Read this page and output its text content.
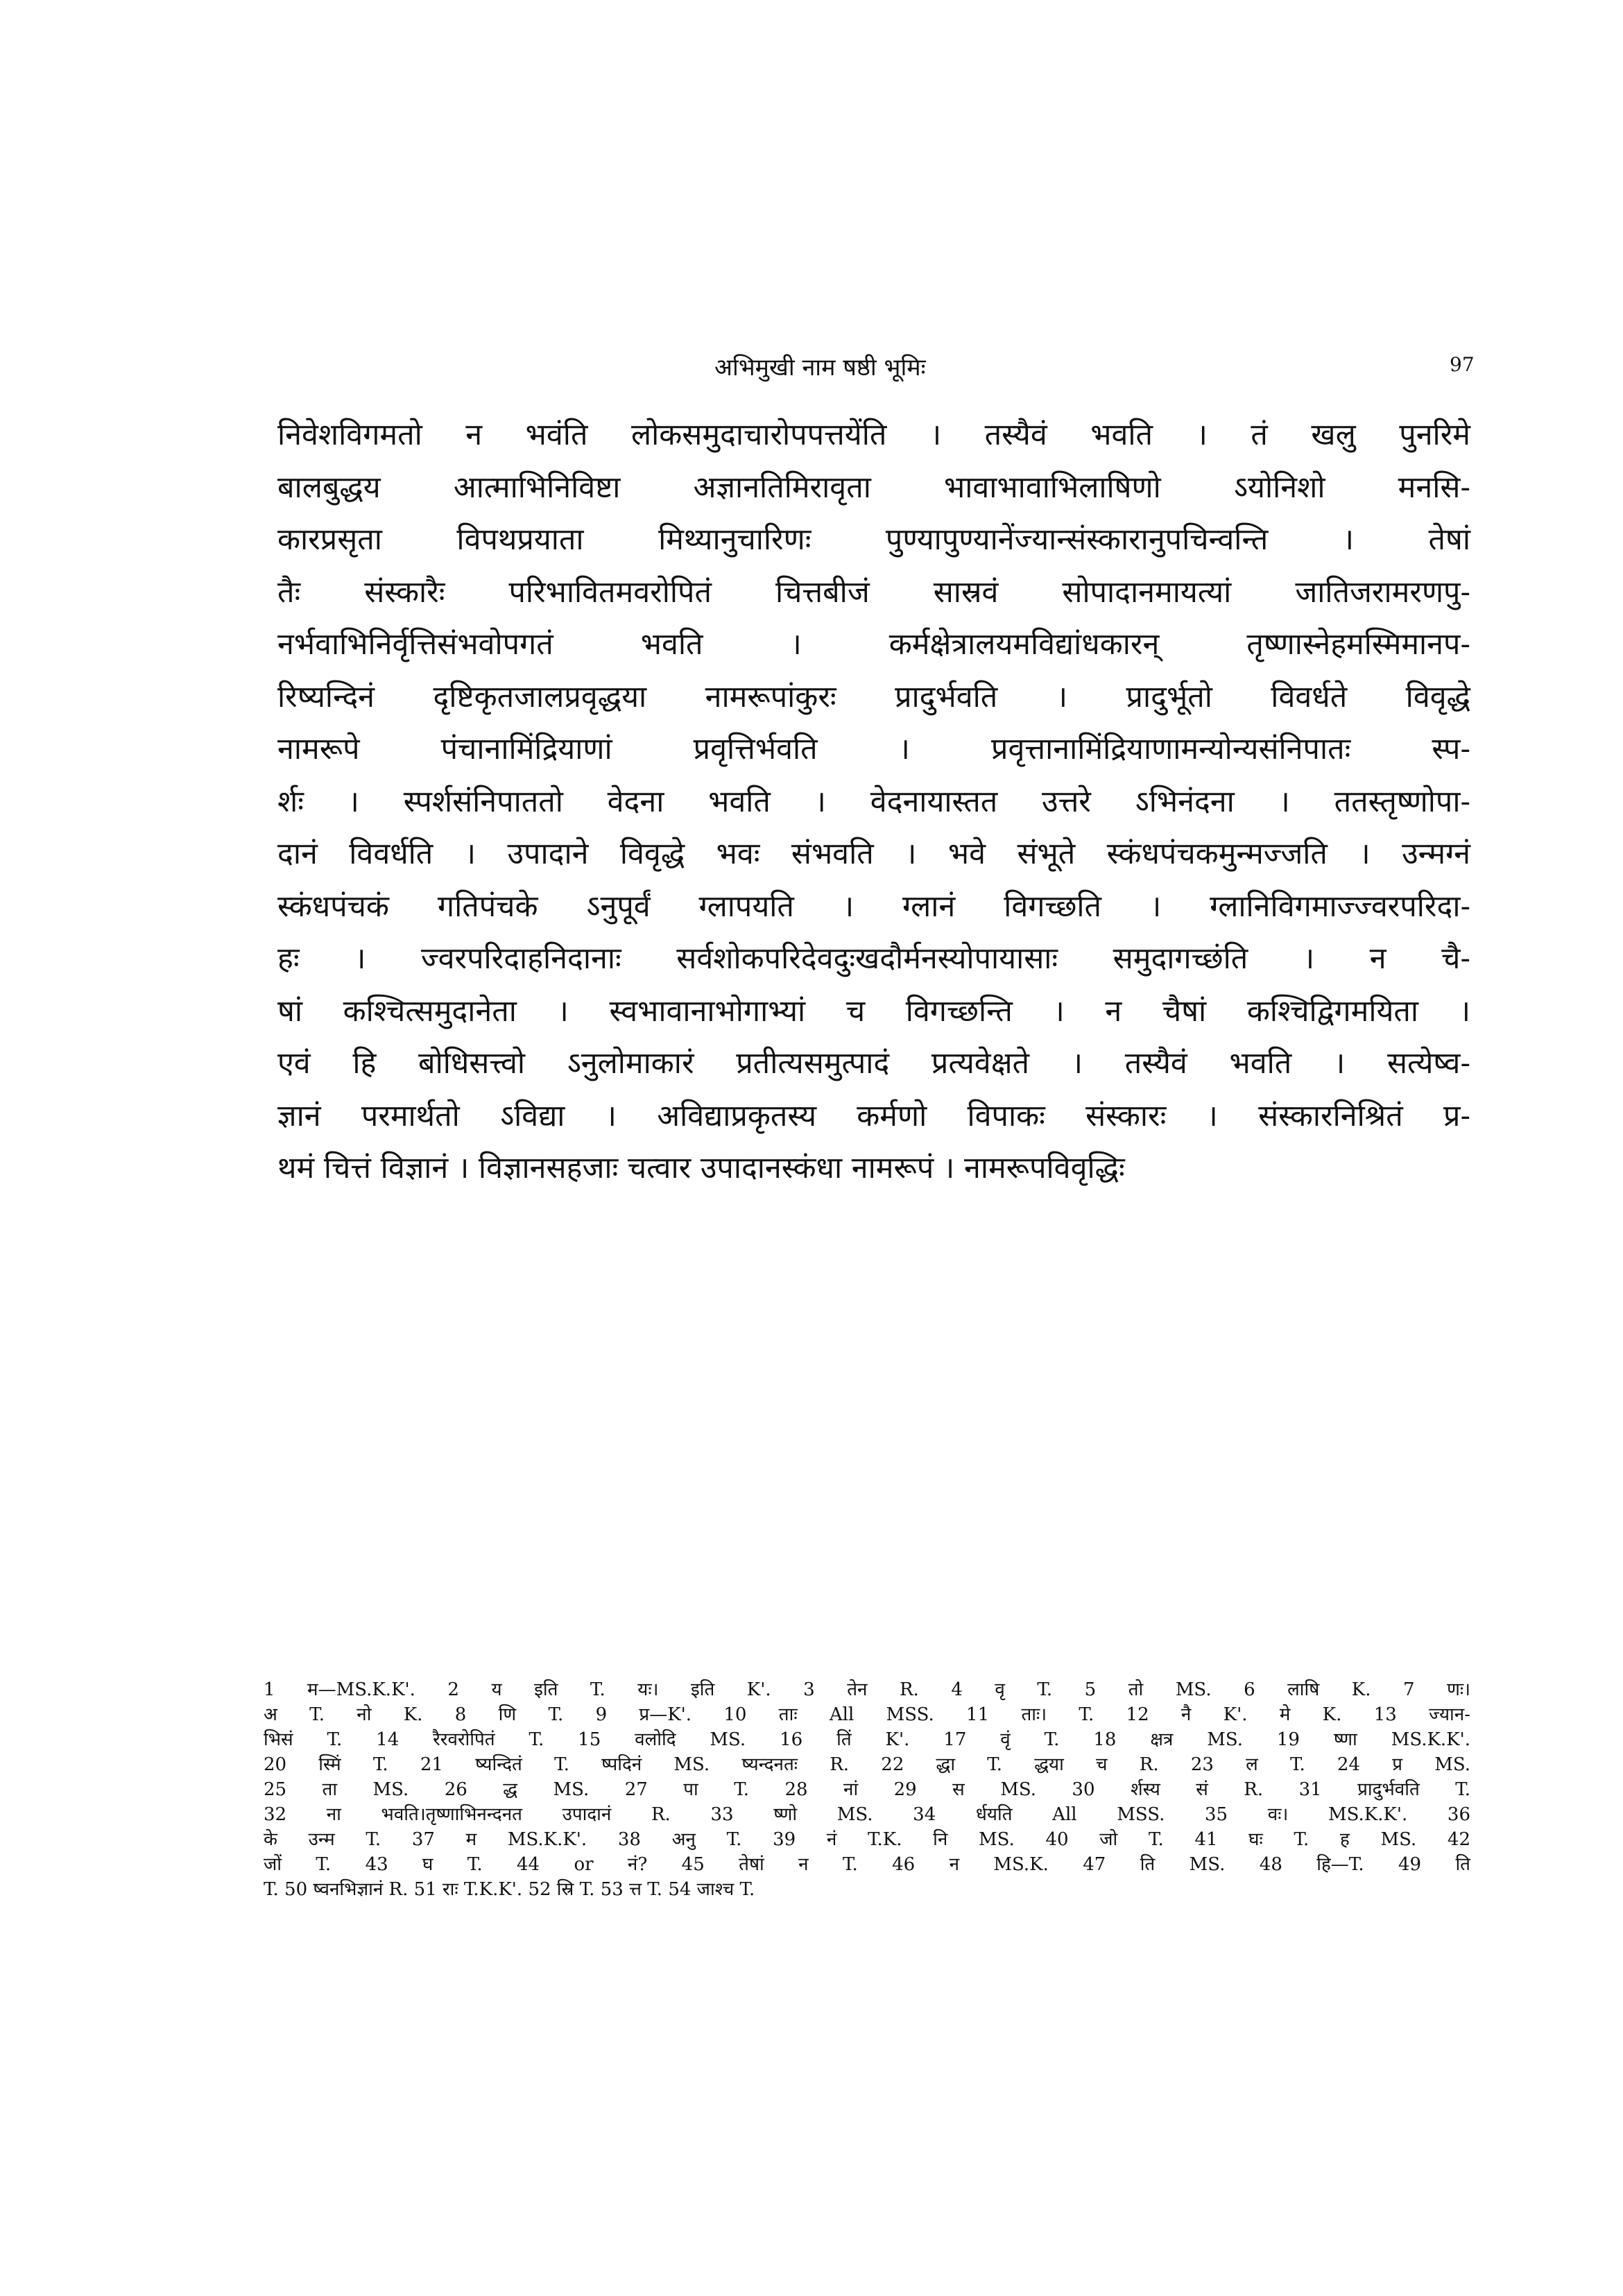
अभिमुखी नाम षष्ठी भूमिः	97
निवेशविगमतो न भवंति लोकसमुदाचारोपपत्तयेंति । तस्यैवं भवति । तं खलु पुनरिमे
बालबुद्धय आत्माभिनिविष्टा अज्ञानतिमिरावृता भावाभावाभिलाषिणो ऽयोनिशो मनसि-
कारप्रसृता विपथप्रयाता मिथ्यानुचारिणः पुण्यापुण्यानेंज्यान्संस्कारानुपचिन्वन्ति । तेषां
तैः संस्कारैः परिभावितमवरोपितं चित्तबीजं सास्रवं सोपादानमायत्यां जातिजरामरणपु-
नर्भवाभिनिर्वृत्तिसंभवोपगतं भवति । कर्मक्षेत्रालयमविद्यांधकारन् तृष्णास्नेहमस्मिमानप-
रिष्यन्दिनं दृष्टिकृतजालप्रवृद्धया नामरूपांकुरः प्रादुर्भवति । प्रादुर्भूतो विवर्धते विवृद्धे
नामरूपे पंचानामिंद्रियाणां प्रवृत्तिर्भवति । प्रवृत्तानामिंद्रियाणामन्योन्यसंनिपातः स्प-
र्शः । स्पर्शसंनिपाततो वेदना भवति । वेदनायास्तत उत्तरे ऽभिनंदना । ततस्तृष्णोपा-
दानं विवर्धति । उपादाने विवृद्धे भवः संभवति । भवे संभूते स्कंधपंचकमुन्मज्जति । उन्मग्नं
स्कंधपंचकं गतिपंचके ऽनुपूर्वं ग्लापयति । ग्लानं विगच्छति । ग्लानिविगमाज्ज्वरपरिदा-
हः । ज्वरपरिदाहनिदानाः सर्वशोकपरिदेवदुःखदौर्मनस्योपायासाः समुदागच्छंति । न चै-
षां कश्चित्समुदानेता । स्वभावानाभोगाभ्यां च विगच्छन्ति । न चैषां कश्चिद्विगमयिता ।
एवं हि बोधिसत्त्वो ऽनुलोमाकारं प्रतीत्यसमुत्पादं प्रत्यवेक्षते । तस्यैवं भवति । सत्येष्व-
ज्ञानं परमार्थतो ऽविद्या । अविद्याप्रकृतस्य कर्मणो विपाकः संस्कारः । संस्कारनिश्रितं प्र-
थमं चित्तं विज्ञानं । विज्ञानसहजाः चत्वार उपादानस्कंधा नामरूपं । नामरूपविवृद्धिः
1 म—MS.K.K'. 2 य इति T. यः। इति K'. 3 तेन R. 4 वृ T. 5 तो MS. 6 लाषि K. 7 णः।
अ T. नो K. 8 णि T. 9 प्र—K'. 10 ताः All MSS. 11 ताः। T. 12 नै K'. मे K. 13 ज्यान-
भिसं T. 14 रैरवरोपितं T. 15 वलोदि MS. 16 तिं K'. 17 वृं T. 18 क्षत्र MS. 19 ष्णा MS.K.K'.
20 स्मिं T. 21 ष्यन्दितं T. ष्पदिनं MS. ष्यन्दनतः R. 22 द्धा T. द्धया च R. 23 ल T. 24 प्र MS.
25 ता MS. 26 द्ध MS. 27 पा T. 28 नां 29 स MS. 30 र्शस्य सं R. 31 प्रादुर्भवति T.
32 ना भवति।तृष्णाभिनन्दनत उपादानं R. 33 ष्णो MS. 34 र्धयति All MSS. 35 वः। MS.K.K'. 36
के उन्म T. 37 म MS.K.K'. 38 अनु T. 39 नं T.K. नि MS. 40 जो T. 41 घः T. ह MS. 42
जों T. 43 घ T. 44 or नं? 45 तेषां न T. 46 न MS.K. 47 ति MS. 48 हि—T. 49 ति
T. 50 ष्वनभिज्ञानं R. 51 राः T.K.K'. 52 स्रि T. 53 त्त T. 54 जाश्च T.
